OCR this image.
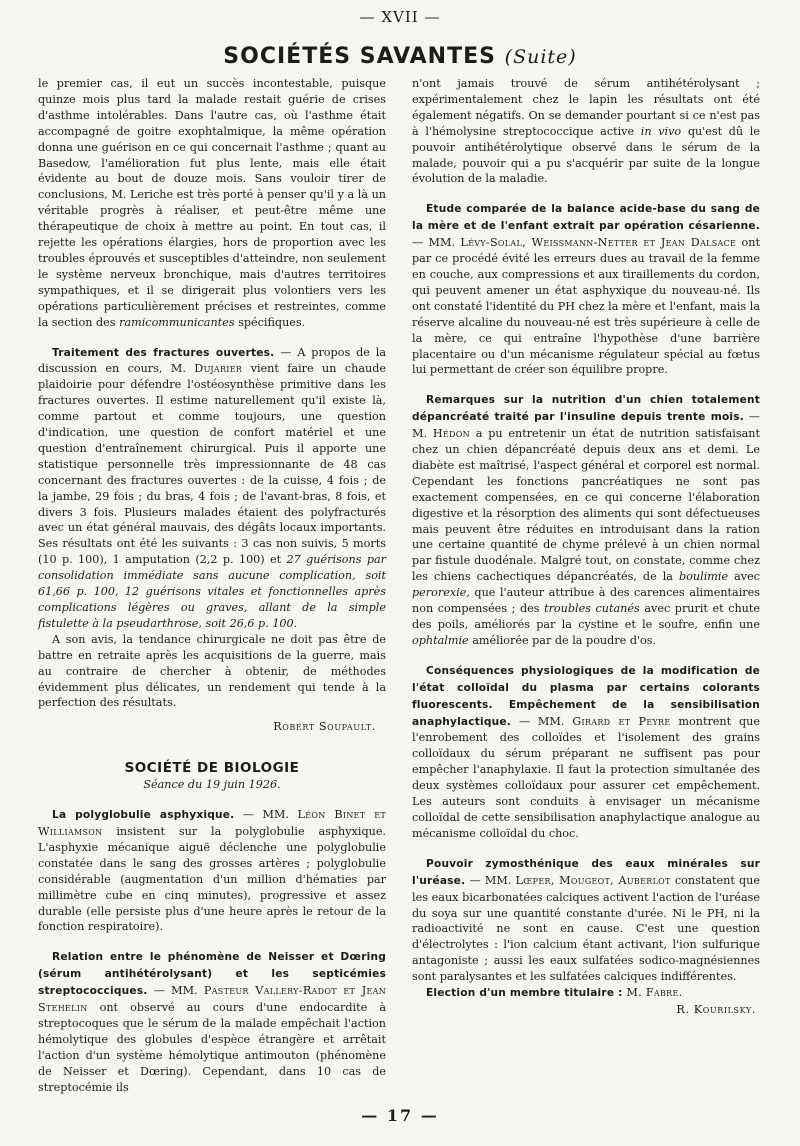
— XVII —
SOCIÉTÉS SAVANTES (Suite)

le premier cas, il eut un succès incontestable, puisque quinze mois plus tard la malade restait guérie de crises d'asthme intolérables. Dans l'autre cas, où l'asthme était accompagné de goitre exophtalmique, la même opération donna une guérison en ce qui concernait l'asthme ; quant au Basedow, l'amélioration fut plus lente, mais elle était évidente au bout de douze mois. Sans vouloir tirer de conclusions, M. Leriche est très porté à penser qu'il y a là un véritable progrès à réaliser, et peut-être même une thérapeutique de choix à mettre au point. En tout cas, il rejette les opérations élargies, hors de proportion avec les troubles éprouvés et susceptibles d'atteindre, non seulement le système nerveux bronchique, mais d'autres territoires sympathiques, et il se dirigerait plus volontiers vers les opérations particulièrement précises et restreintes, comme la section des ramicommunicantes spécifiques.

Traitement des fractures ouvertes. — A propos de la discussion en cours, M. Dujarier vient faire un chaude plaidoirie pour défendre l'ostéosynthèse primitive dans les fractures ouvertes. Il estime naturellement qu'il existe là, comme partout et comme toujours, une question d'indication, une question de confort matériel et une question d'entraînement chirurgical. Puis il apporte une statistique personnelle très impressionnante de 48 cas concernant des fractures ouvertes : de la cuisse, 4 fois ; de la jambe, 29 fois ; du bras, 4 fois ; de l'avant-bras, 8 fois, et divers 3 fois. Plusieurs malades étaient des polyfracturés avec un état général mauvais, des dégâts locaux importants. Ses résultats ont été les suivants : 3 cas non suivis, 5 morts (10 p. 100), 1 amputation (2,2 p. 100) et 27 guérisons par consolidation immédiate sans aucune complication, soit 61,66 p. 100, 12 guérisons vitales et fonctionnelles après complications légères ou graves, allant de la simple fistulette à la pseudarthrose, soit 26,6 p. 100.

A son avis, la tendance chirurgicale ne doit pas être de battre en retraite après les acquisitions de la guerre, mais au contraire de chercher à obtenir, de méthodes évidemment plus délicates, un rendement qui tende à la perfection des résultats.

Robert Soupault.
SOCIÉTÉ DE BIOLOGIE
Séance du 19 juin 1926.

La polyglobulie asphyxique. — MM. Léon Binet et Williamson insistent sur la polyglobulie asphyxique. L'asphyxie mécanique aiguë déclenche une polyglobulie constatée dans le sang des grosses artères ; polyglobulie considérable (augmentation d'un million d'hématies par millimètre cube en cinq minutes), progressive et assez durable (elle persiste plus d'une heure après le retour de la fonction respiratoire).

Relation entre le phénomène de Neisser et Dœring (sérum antihétérolysant) et les septicémies streptococciques. — MM. Pasteur Vallery-Radot et Jean Stehelin ont observé au cours d'une endocardite à streptocoques que le sérum de la malade empêchait l'action hémolytique des globules d'espèce étrangère et arrêtait l'action d'un système hémolytique antimouton (phénomène de Neisser et Dœring). Cependant, dans 10 cas de streptocémie ils

n'ont jamais trouvé de sérum antihétérolysant ; expérimentalement chez le lapin les résultats ont été également négatifs. On se demander pourtant si ce n'est pas à l'hémolysine streptococcique active in vivo qu'est dû le pouvoir antihétérolytique observé dans le sérum de la malade, pouvoir qui a pu s'acquérir par suite de la longue évolution de la maladie.

Etude comparée de la balance acide-base du sang de la mère et de l'enfant extrait par opération césarienne. — MM. Lévy-Solal, Weissmann-Netter et Jean Dalsace ont par ce procédé évité les erreurs dues au travail de la femme en couche, aux compressions et aux tiraillements du cordon, qui peuvent amener un état asphyxique du nouveau-né. Ils ont constaté l'identité du PH chez la mère et l'enfant, mais la réserve alcaline du nouveau-né est très supérieure à celle de la mère, ce qui entraîne l'hypothèse d'une barrière placentaire ou d'un mécanisme régulateur spécial au fœtus lui permettant de créer son équilibre propre.

Remarques sur la nutrition d'un chien totalement dépancréaté traité par l'insuline depuis trente mois. — M. Hédon a pu entretenir un état de nutrition satisfaisant chez un chien dépancréaté depuis deux ans et demi. Le diabète est maîtrisé, l'aspect général et corporel est normal. Cependant les fonctions pancréatiques ne sont pas exactement compensées, en ce qui concerne l'élaboration digestive et la résorption des aliments qui sont défectueuses mais peuvent être réduites en introduisant dans la ration une certaine quantité de chyme prélevé à un chien normal par fistule duodénale. Malgré tout, on constate, comme chez les chiens cachectiques dépancréatés, de la boulimie avec perorexie, que l'auteur attribue à des carences alimentaires non compensées ; des troubles cutanés avec prurit et chute des poils, améliorés par la cystine et le soufre, enfin une ophtalmie améliorée par de la poudre d'os.

Conséquences physiologiques de la modification de l'état colloïdal du plasma par certains colorants fluorescents. Empêchement de la sensibilisation anaphylactique. — MM. Girard et Peyre montrent que l'enrobement des colloïdes et l'isolement des grains colloïdaux du sérum préparant ne suffisent pas pour empêcher l'anaphylaxie. Il faut la protection simultanée des deux systèmes colloïdaux pour assurer cet empêchement. Les auteurs sont conduits à envisager un mécanisme colloïdal de cette sensibilisation anaphylactique analogue au mécanisme colloïdal du choc.

Pouvoir zymosthénique des eaux minérales sur l'uréase. — MM. Lœper, Mougeot, Auberlot constatent que les eaux bicarbonatées calciques activent l'action de l'uréase du soya sur une quantité constante d'urée. Ni le PH, ni la radioactivité ne sont en cause. C'est une question d'électrolytes : l'ion calcium étant activant, l'ion sulfurique antagoniste ; aussi les eaux sulfatées sodico-magnésiennes sont paralysantes et les sulfatées calciques indifférentes.

Election d'un membre titulaire : M. Fabre.

R. Kourilsky.
— 17 —
